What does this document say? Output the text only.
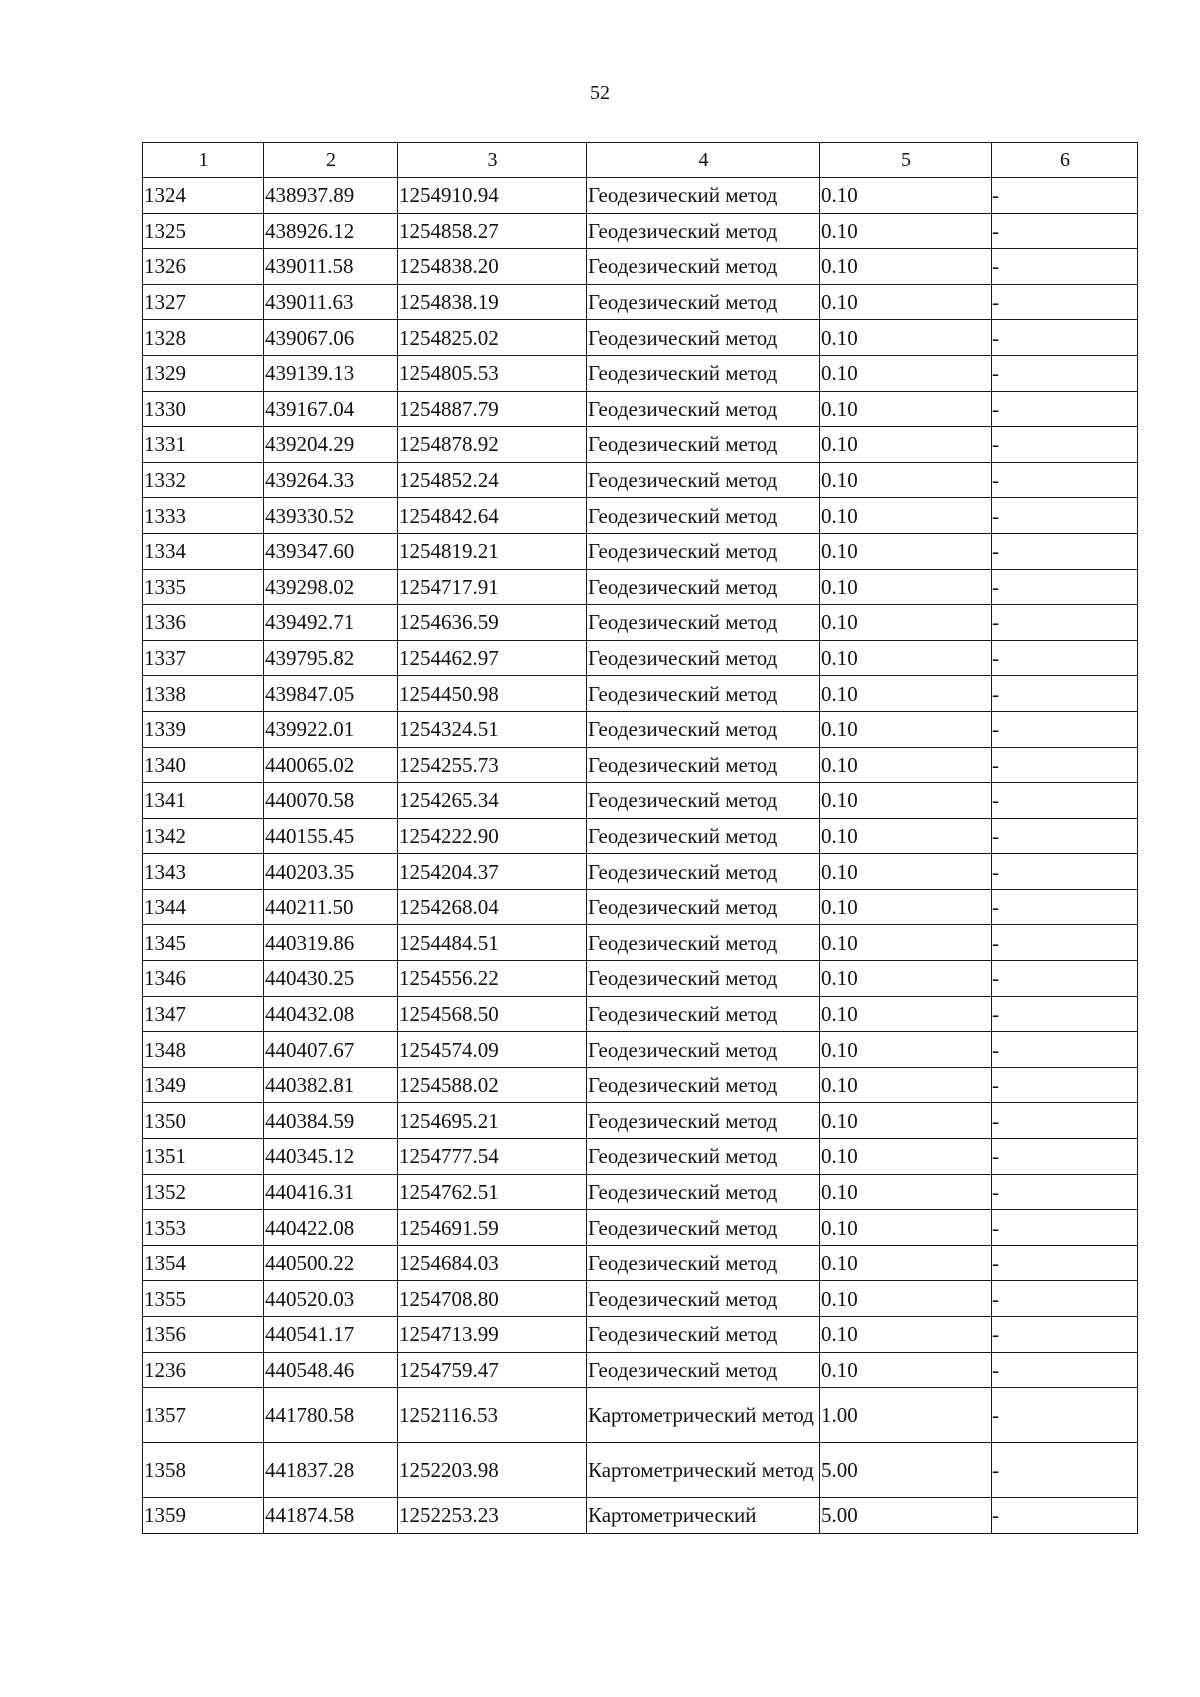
52
1	2	3	4	5	6
1324	438937.89	1254910.94	Геодезический метод	0.10	-
1325	438926.12	1254858.27	Геодезический метод	0.10	-
1326	439011.58	1254838.20	Геодезический метод	0.10	-
1327	439011.63	1254838.19	Геодезический метод	0.10	-
1328	439067.06	1254825.02	Геодезический метод	0.10	-
1329	439139.13	1254805.53	Геодезический метод	0.10	-
1330	439167.04	1254887.79	Геодезический метод	0.10	-
1331	439204.29	1254878.92	Геодезический метод	0.10	-
1332	439264.33	1254852.24	Геодезический метод	0.10	-
1333	439330.52	1254842.64	Геодезический метод	0.10	-
1334	439347.60	1254819.21	Геодезический метод	0.10	-
1335	439298.02	1254717.91	Геодезический метод	0.10	-
1336	439492.71	1254636.59	Геодезический метод	0.10	-
1337	439795.82	1254462.97	Геодезический метод	0.10	-
1338	439847.05	1254450.98	Геодезический метод	0.10	-
1339	439922.01	1254324.51	Геодезический метод	0.10	-
1340	440065.02	1254255.73	Геодезический метод	0.10	-
1341	440070.58	1254265.34	Геодезический метод	0.10	-
1342	440155.45	1254222.90	Геодезический метод	0.10	-
1343	440203.35	1254204.37	Геодезический метод	0.10	-
1344	440211.50	1254268.04	Геодезический метод	0.10	-
1345	440319.86	1254484.51	Геодезический метод	0.10	-
1346	440430.25	1254556.22	Геодезический метод	0.10	-
1347	440432.08	1254568.50	Геодезический метод	0.10	-
1348	440407.67	1254574.09	Геодезический метод	0.10	-
1349	440382.81	1254588.02	Геодезический метод	0.10	-
1350	440384.59	1254695.21	Геодезический метод	0.10	-
1351	440345.12	1254777.54	Геодезический метод	0.10	-
1352	440416.31	1254762.51	Геодезический метод	0.10	-
1353	440422.08	1254691.59	Геодезический метод	0.10	-
1354	440500.22	1254684.03	Геодезический метод	0.10	-
1355	440520.03	1254708.80	Геодезический метод	0.10	-
1356	440541.17	1254713.99	Геодезический метод	0.10	-
1236	440548.46	1254759.47	Геодезический метод	0.10	-
1357	441780.58	1252116.53	Картометрический метод	1.00	-
1358	441837.28	1252203.98	Картометрический метод	5.00	-
1359	441874.58	1252253.23	Картометрический	5.00	-
